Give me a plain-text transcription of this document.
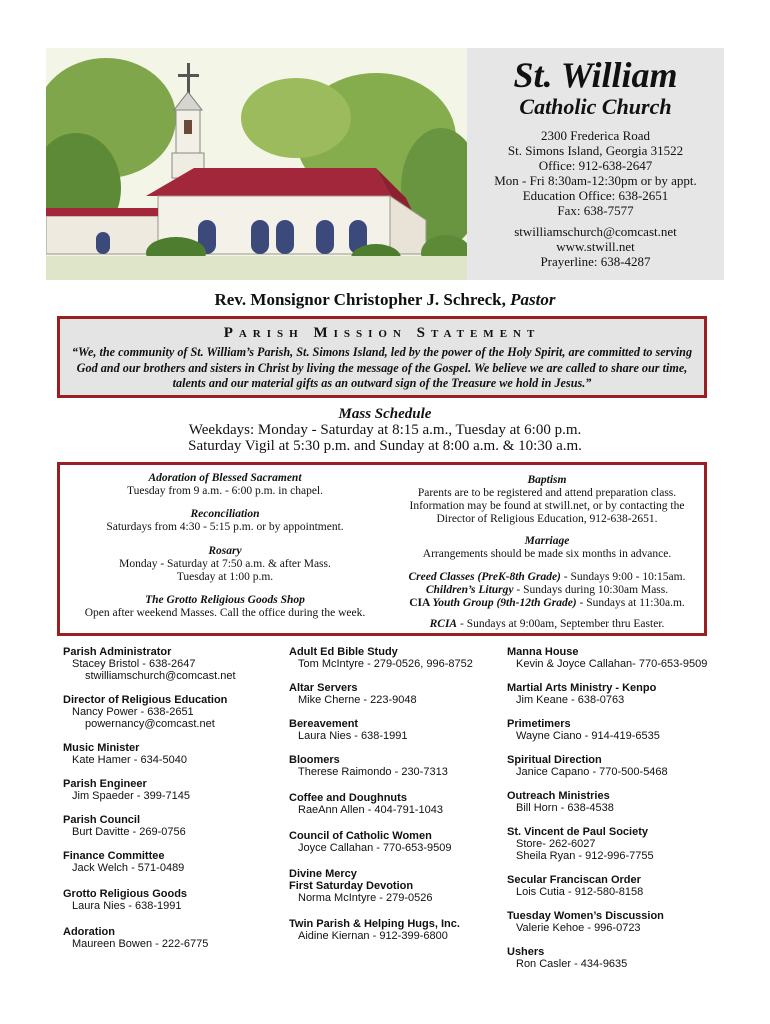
St. William
Catholic Church
2300 Frederica Road
St. Simons Island, Georgia 31522
Office: 912-638-2647
Mon - Fri 8:30am-12:30pm or by appt.
Education Office: 638-2651
Fax: 638-7577
stwilliamschurch@comcast.net
www.stwill.net
Prayerline: 638-4287
Rev. Monsignor Christopher J. Schreck, Pastor
Parish Mission Statement
“We, the community of St. William’s Parish, St. Simons Island, led by the power of the Holy Spirit, are committed to serving God and our brothers and sisters in Christ by living the message of the Gospel. We believe we are called to share our time, talents and our material gifts as an outward sign of the Treasure we hold in Jesus.”
Mass Schedule
Weekdays: Monday - Saturday at 8:15 a.m., Tuesday at 6:00 p.m.
Saturday Vigil at 5:30 p.m. and Sunday at 8:00 a.m. & 10:30 a.m.
Adoration of Blessed Sacrament
Tuesday from 9 a.m. - 6:00 p.m. in chapel.
Reconciliation
Saturdays from 4:30 - 5:15 p.m. or by appointment.
Rosary
Monday - Saturday at 7:50 a.m. & after Mass.
Tuesday at 1:00 p.m.
The Grotto Religious Goods Shop
Open after weekend Masses. Call the office during the week.
Baptism
Parents are to be registered and attend preparation class.
Information may be found at stwill.net, or by contacting the
Director of Religious Education, 912-638-2651.
Marriage
Arrangements should be made six months in advance.
Creed Classes (PreK-8th Grade) - Sundays 9:00 - 10:15am.
Children’s Liturgy - Sundays during 10:30am Mass.
CIA Youth Group (9th-12th Grade) - Sundays at 11:30a.m.
RCIA - Sundays at 9:00am, September thru Easter.
Parish Administrator
Stacey Bristol - 638-2647
stwilliamschurch@comcast.net
Director of Religious Education
Nancy Power - 638-2651
powernancy@comcast.net
Music Minister
Kate Hamer - 634-5040
Parish Engineer
Jim Spaeder - 399-7145
Parish Council
Burt Davitte - 269-0756
Finance Committee
Jack Welch - 571-0489
Grotto Religious Goods
Laura Nies - 638-1991
Adoration
Maureen Bowen - 222-6775
Adult Ed Bible Study
Tom McIntyre - 279-0526, 996-8752
Altar Servers
Mike Cherne - 223-9048
Bereavement
Laura Nies - 638-1991
Bloomers
Therese Raimondo - 230-7313
Coffee and Doughnuts
RaeAnn Allen - 404-791-1043
Council of Catholic Women
Joyce Callahan - 770-653-9509
Divine Mercy
First Saturday Devotion
Norma McIntyre - 279-0526
Twin Parish & Helping Hugs, Inc.
Aidine Kiernan - 912-399-6800
Manna House
Kevin & Joyce Callahan- 770-653-9509
Martial Arts Ministry - Kenpo
Jim Keane - 638-0763
Primetimers
Wayne Ciano - 914-419-6535
Spiritual Direction
Janice Capano - 770-500-5468
Outreach Ministries
Bill Horn - 638-4538
St. Vincent de Paul Society
Store- 262-6027
Sheila Ryan - 912-996-7755
Secular Franciscan Order
Lois Cutia - 912-580-8158
Tuesday Women’s Discussion
Valerie Kehoe - 996-0723
Ushers
Ron Casler - 434-9635
